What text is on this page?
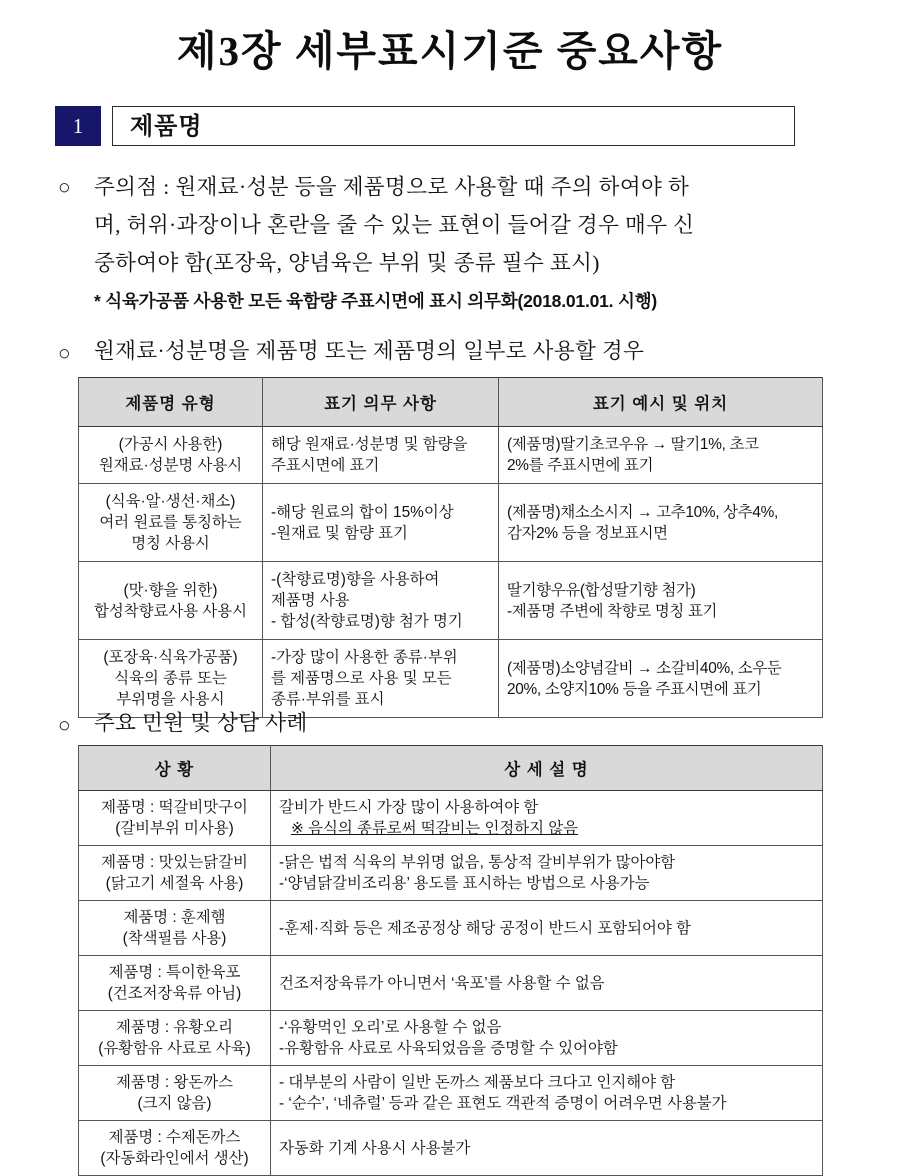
제3장 세부표시기준 중요사항
1	제품명
○ 주의점 : 원재료·성분 등을 제품명으로 사용할 때 주의 하여야 하
며, 허위·과장이나 혼란을 줄 수 있는 표현이 들어갈 경우 매우 신
중하여야 함(포장육, 양념육은 부위 및 종류 필수 표시)
* 식육가공품 사용한 모든 육함량 주표시면에 표시 의무화(2018.01.01. 시행)
○ 원재료·성분명을 제품명 또는 제품명의 일부로 사용할 경우
제품명 유형	표기 의무 사항	표기 예시 및 위치

(가공시 사용한)
원재료·성분명 사용시	해당 원재료·성분명 및 함량을
주표시면에 표기	(제품명)딸기초코우유 → 딸기1%, 초코
2%를 주표시면에 표기

(식육·알·생선·채소)
여러 원료를 통칭하는
명칭 사용시	-해당 원료의 합이 15%이상
-원재료 및 함량 표기	(제품명)채소소시지 → 고추10%, 상추4%,
감자2% 등을 정보표시면

(맛·향을 위한)
합성착향료사용 사용시	-(착향료명)향을 사용하여
제품명 사용
- 합성(착향료명)향 첨가 명기	딸기향우유(합성딸기향 첨가)
-제품명 주변에 착향로 명칭 표기

(포장육·식육가공품)
식육의 종류 또는
부위명을 사용시	-가장 많이 사용한 종류·부위
를 제품명으로 사용 및 모든
종류·부위를 표시	(제품명)소양념갈비 → 소갈비40%, 소우둔
20%, 소양지10% 등을 주표시면에 표기
○ 주요 민원 및 상담 사례
상 황	상 세 설 명

제품명 : 떡갈비맛구이
(갈비부위 미사용)	갈비가 반드시 가장 많이 사용하여야 함
※ 음식의 종류로써 떡갈비는 인정하지 않음

제품명 : 맛있는닭갈비
(닭고기 세절육 사용)	-닭은 법적 식육의 부위명 없음, 통상적 갈비부위가 많아야함
-‘양념닭갈비조리용’ 용도를 표시하는 방법으로 사용가능

제품명 : 훈제햄
(착색필름 사용)	-훈제·직화 등은 제조공정상 해당 공정이 반드시 포함되어야 함

제품명 : 특이한육포
(건조저장육류 아님)	건조저장육류가 아니면서 ‘육포’를 사용할 수 없음

제품명 : 유황오리
(유황함유 사료로 사육)	-‘유황먹인 오리’로 사용할 수 없음
-유황함유 사료로 사육되었음을 증명할 수 있어야함

제품명 : 왕돈까스
(크지 않음)	- 대부분의 사람이 일반 돈까스 제품보다 크다고 인지해야 함
- ‘순수’, ‘네츄럴’ 등과 같은 표현도 객관적 증명이 어려우면 사용불가

제품명 : 수제돈까스
(자동화라인에서 생산)	자동화 기계 사용시 사용불가
